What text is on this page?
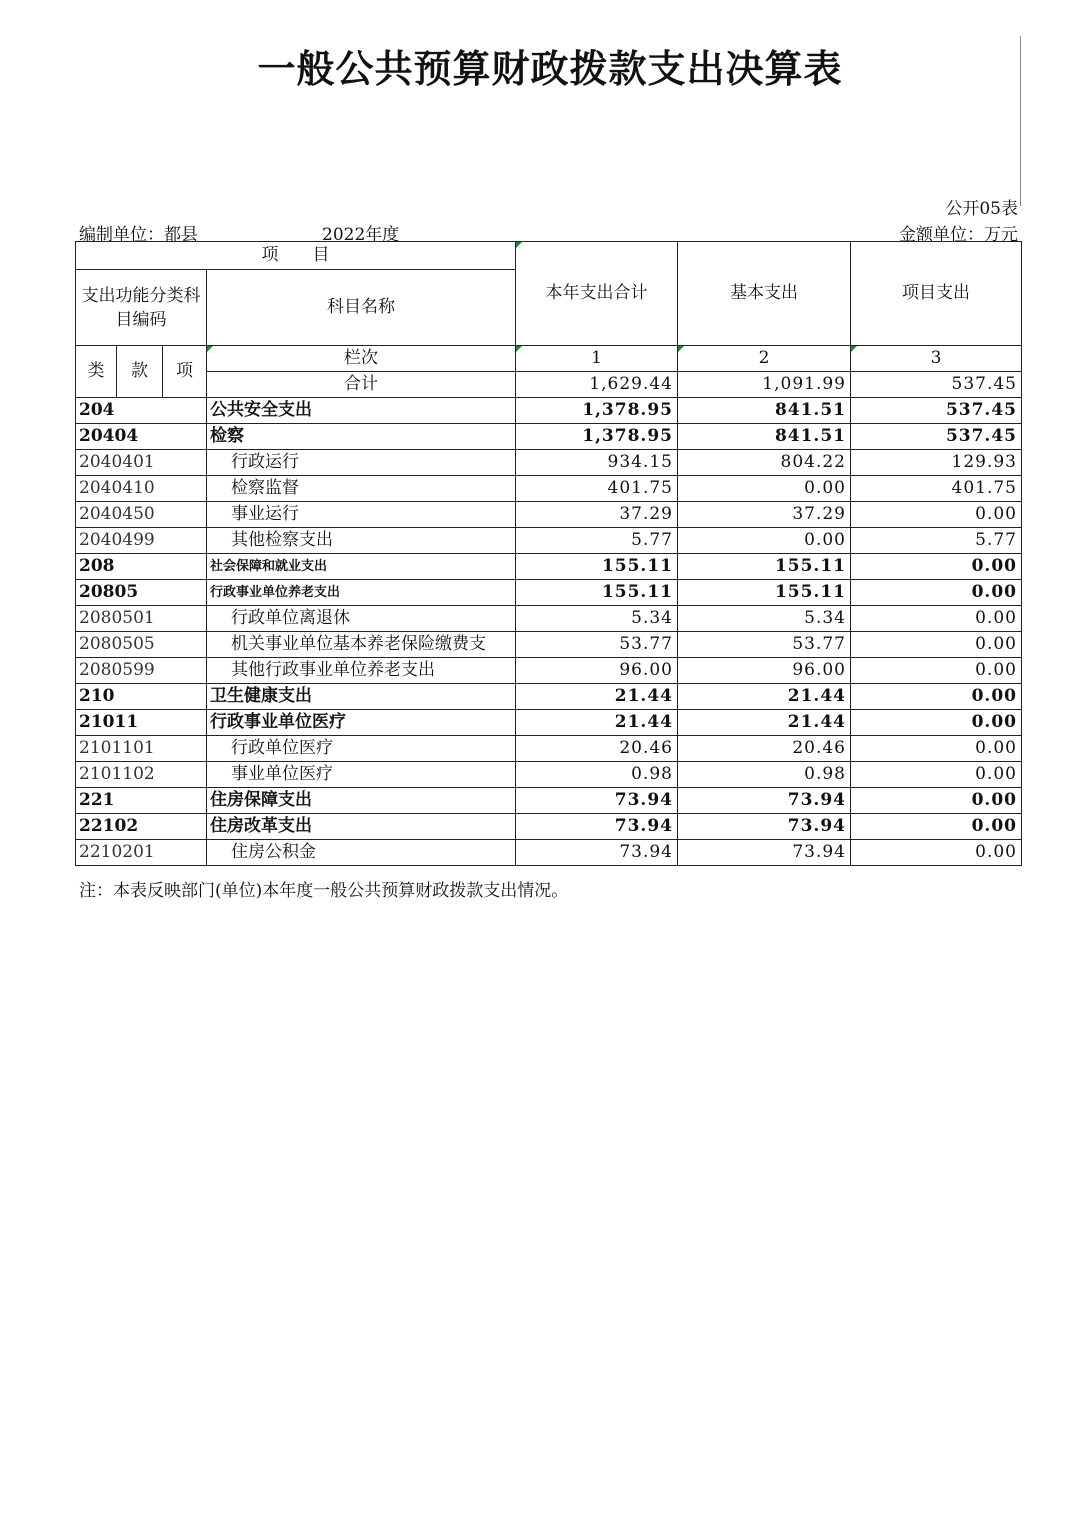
一般公共预算财政拨款支出决算表
公开05表
编制单位：都县	2022年度	金额单位：万元
项　　目				本年支出合计	基本支出	项目支出
支出功能分类科目编码			科目名称			

类	款	项	栏次	1	2	3
			合计	1,629.44	1,091.99	537.45
204			公共安全支出	1,378.95	841.51	537.45
20404			检察	1,378.95	841.51	537.45
2040401			行政运行	934.15	804.22	129.93
2040410			检察监督	401.75	0.00	401.75
2040450			事业运行	37.29	37.29	0.00
2040499			其他检察支出	5.77	0.00	5.77
208			社会保障和就业支出	155.11	155.11	0.00
20805			行政事业单位养老支出	155.11	155.11	0.00
2080501			行政单位离退休	5.34	5.34	0.00
2080505			机关事业单位基本养老保险缴费支	53.77	53.77	0.00
2080599			其他行政事业单位养老支出	96.00	96.00	0.00
210			卫生健康支出	21.44	21.44	0.00
21011			行政事业单位医疗	21.44	21.44	0.00
2101101			行政单位医疗	20.46	20.46	0.00
2101102			事业单位医疗	0.98	0.98	0.00
221			住房保障支出	73.94	73.94	0.00
22102			住房改革支出	73.94	73.94	0.00
2210201			住房公积金	73.94	73.94	0.00
注：本表反映部门(单位)本年度一般公共预算财政拨款支出情况。
